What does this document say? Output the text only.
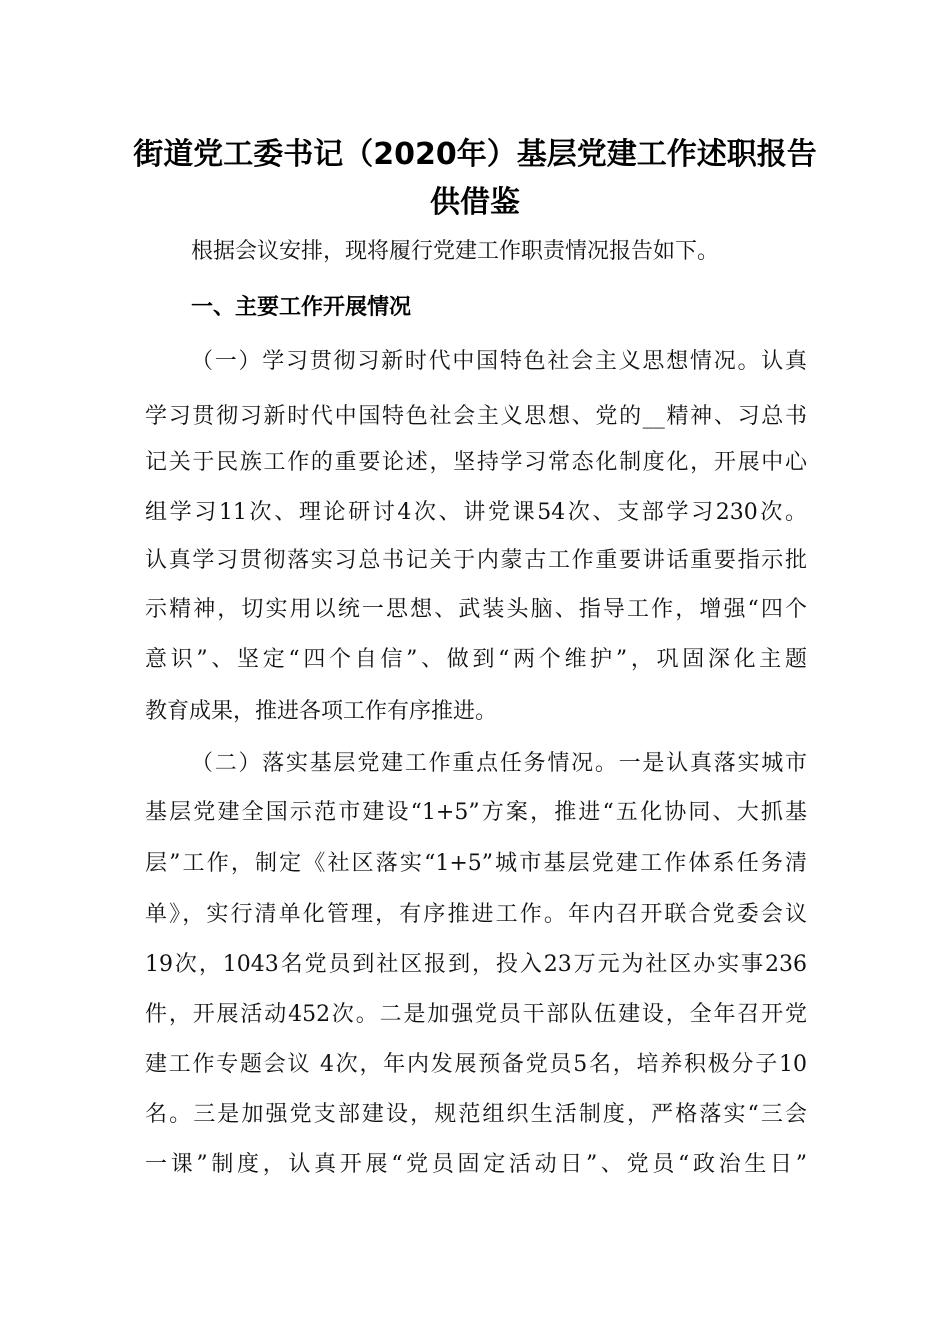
街道党工委书记（2020年）基层党建工作述职报告
供借鉴

根据会议安排，现将履行党建工作职责情况报告如下。

一、主要工作开展情况

（一）学习贯彻习新时代中国特色社会主义思想情况。认真

学习贯彻习新时代中国特色社会主义思想、党的__精神、习总书

记关于民族工作的重要论述，坚持学习常态化制度化，开展中心

组学习11次、理论研讨4次、讲党课54次、支部学习230次。

认真学习贯彻落实习总书记关于内蒙古工作重要讲话重要指示批

示精神，切实用以统一思想、武装头脑、指导工作，增强“四个

意识”、坚定“四个自信”、做到“两个维护”，巩固深化主题

教育成果，推进各项工作有序推进。

（二）落实基层党建工作重点任务情况。一是认真落实城市

基层党建全国示范市建设“1+5”方案，推进“五化协同、大抓基

层”工作，制定《社区落实“1+5”城市基层党建工作体系任务清

单》，实行清单化管理，有序推进工作。年内召开联合党委会议

19次，1043名党员到社区报到，投入23万元为社区办实事236

件，开展活动452次。二是加强党员干部队伍建设，全年召开党

建工作专题会议 4次，年内发展预备党员5名，培养积极分子10

名。三是加强党支部建设，规范组织生活制度，严格落实“三会

一课”制度，认真开展“党员固定活动日”、党员“政治生日”
